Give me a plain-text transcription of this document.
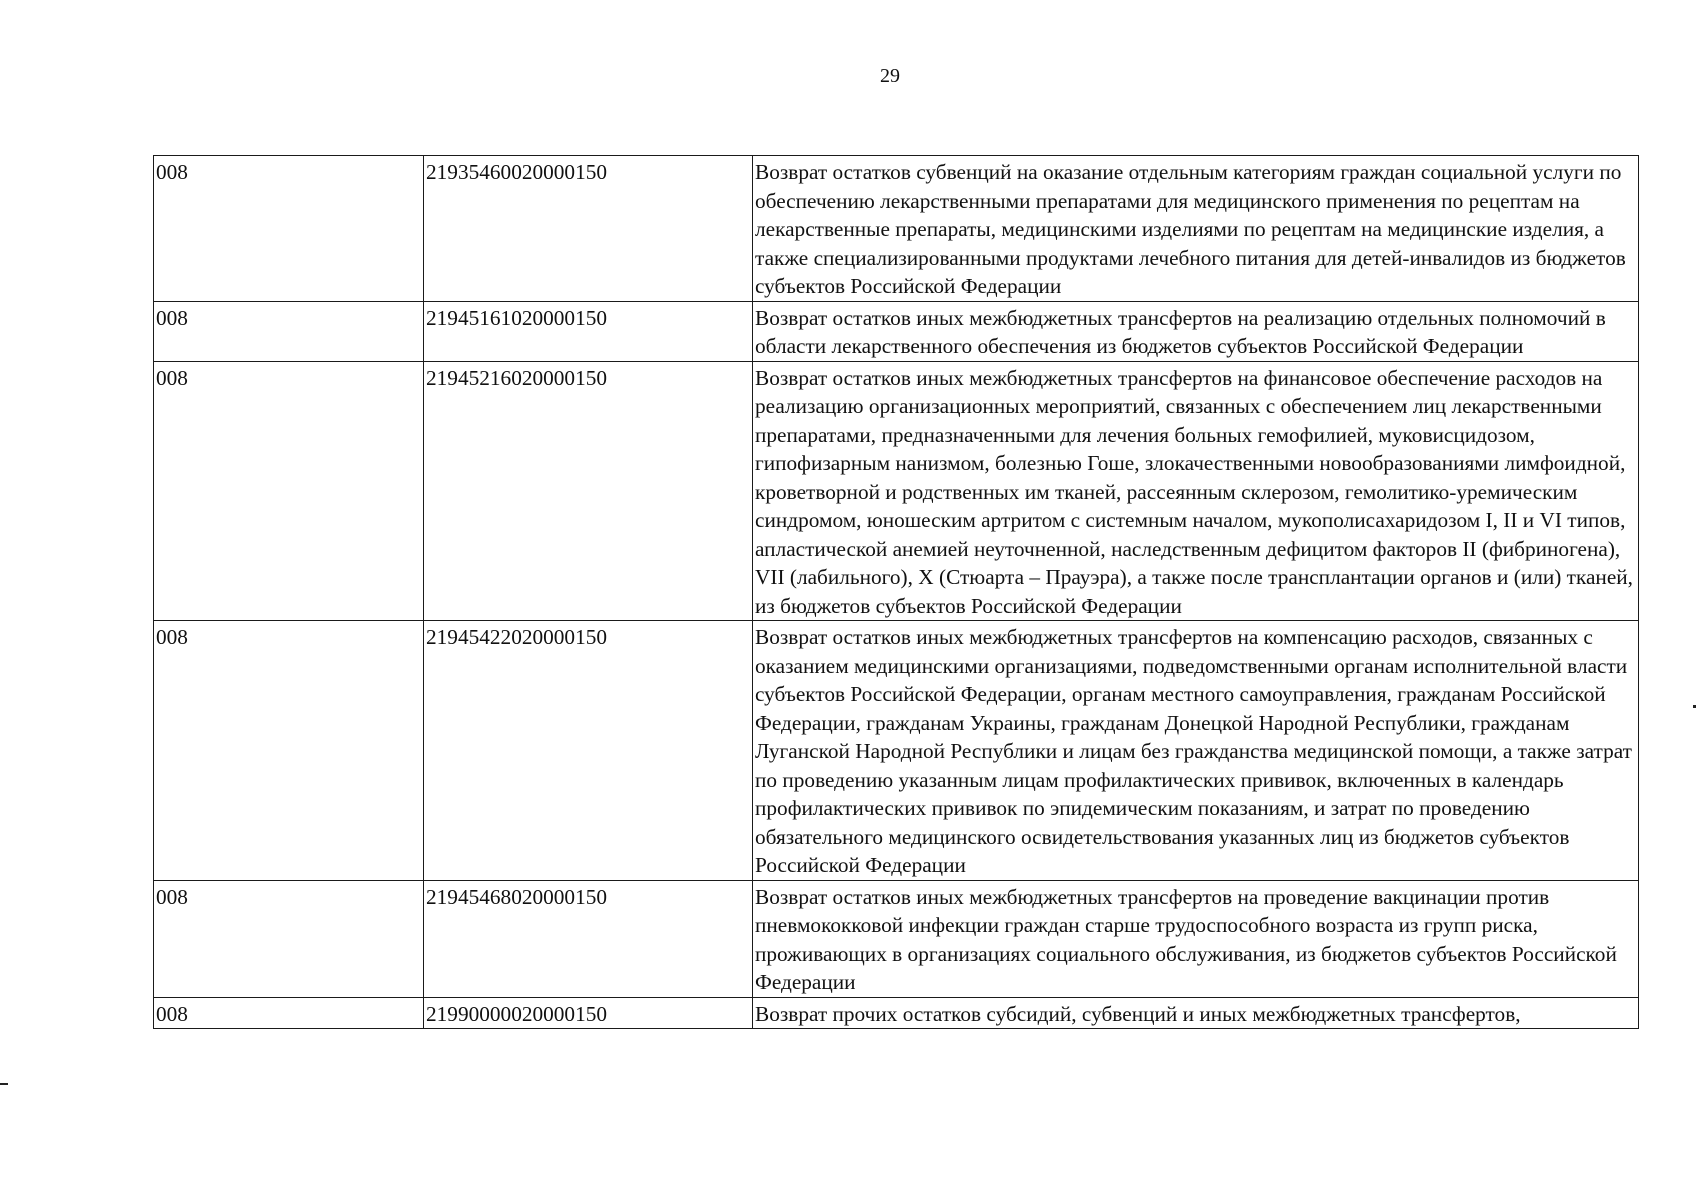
29
008	21935460020000150	Возврат остатков субвенций на оказание отдельным категориям граждан социальной услуги по обеспечению лекарственными препаратами для медицинского применения по рецептам на лекарственные препараты, медицинскими изделиями по рецептам на медицинские изделия, а также специализированными продуктами лечебного питания для детей-инвалидов из бюджетов субъектов Российской Федерации
008	21945161020000150	Возврат остатков иных межбюджетных трансфертов на реализацию отдельных полномочий в области лекарственного обеспечения из бюджетов субъектов Российской Федерации
008	21945216020000150	Возврат остатков иных межбюджетных трансфертов на финансовое обеспечение расходов на реализацию организационных мероприятий, связанных с обеспечением лиц лекарственными препаратами, предназначенными для лечения больных гемофилией, муковисцидозом, гипофизарным нанизмом, болезнью Гоше, злокачественными новообразованиями лимфоидной, кроветворной и родственных им тканей, рассеянным склерозом, гемолитико-уремическим синдромом, юношеским артритом с системным началом, мукополисахаридозом I, II и VI типов, апластической анемией неуточненной, наследственным дефицитом факторов II (фибриногена), VII (лабильного), X (Стюарта – Прауэра), а также после трансплантации органов и (или) тканей, из бюджетов субъектов Российской Федерации
008	21945422020000150	Возврат остатков иных межбюджетных трансфертов на компенсацию расходов, связанных с оказанием медицинскими организациями, подведомственными органам исполнительной власти субъектов Российской Федерации, органам местного самоуправления, гражданам Российской Федерации, гражданам Украины, гражданам Донецкой Народной Республики, гражданам Луганской Народной Республики и лицам без гражданства медицинской помощи, а также затрат по проведению указанным лицам профилактических прививок, включенных в календарь профилактических прививок по эпидемическим показаниям, и затрат по проведению обязательного медицинского освидетельствования указанных лиц из бюджетов субъектов Российской Федерации
008	21945468020000150	Возврат остатков иных межбюджетных трансфертов на проведение вакцинации против пневмококковой инфекции граждан старше трудоспособного возраста из групп риска, проживающих в организациях социального обслуживания, из бюджетов субъектов Российской Федерации
008	21990000020000150	Возврат прочих остатков субсидий, субвенций и иных межбюджетных трансфертов,
